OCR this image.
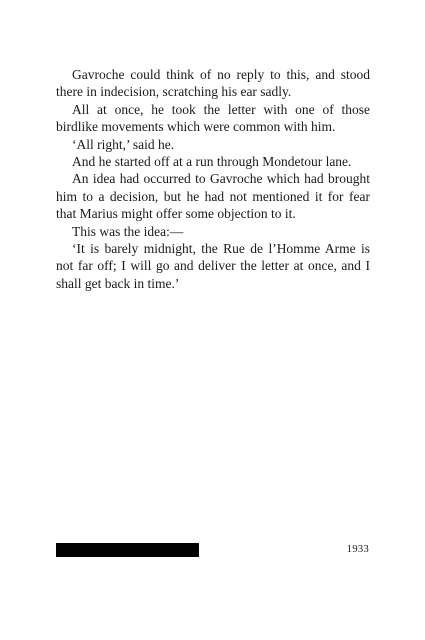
Gavroche could think of no reply to this, and stood there in indecision, scratching his ear sadly.

All at once, he took the letter with one of those birdlike movements which were common with him.

‘All right,’ said he.

And he started off at a run through Mondetour lane.

An idea had occurred to Gavroche which had brought him to a decision, but he had not mentioned it for fear that Marius might offer some objection to it.

This was the idea:—

‘It is barely midnight, the Rue de l’Homme Arme is not far off; I will go and deliver the letter at once, and I shall get back in time.’

1933
